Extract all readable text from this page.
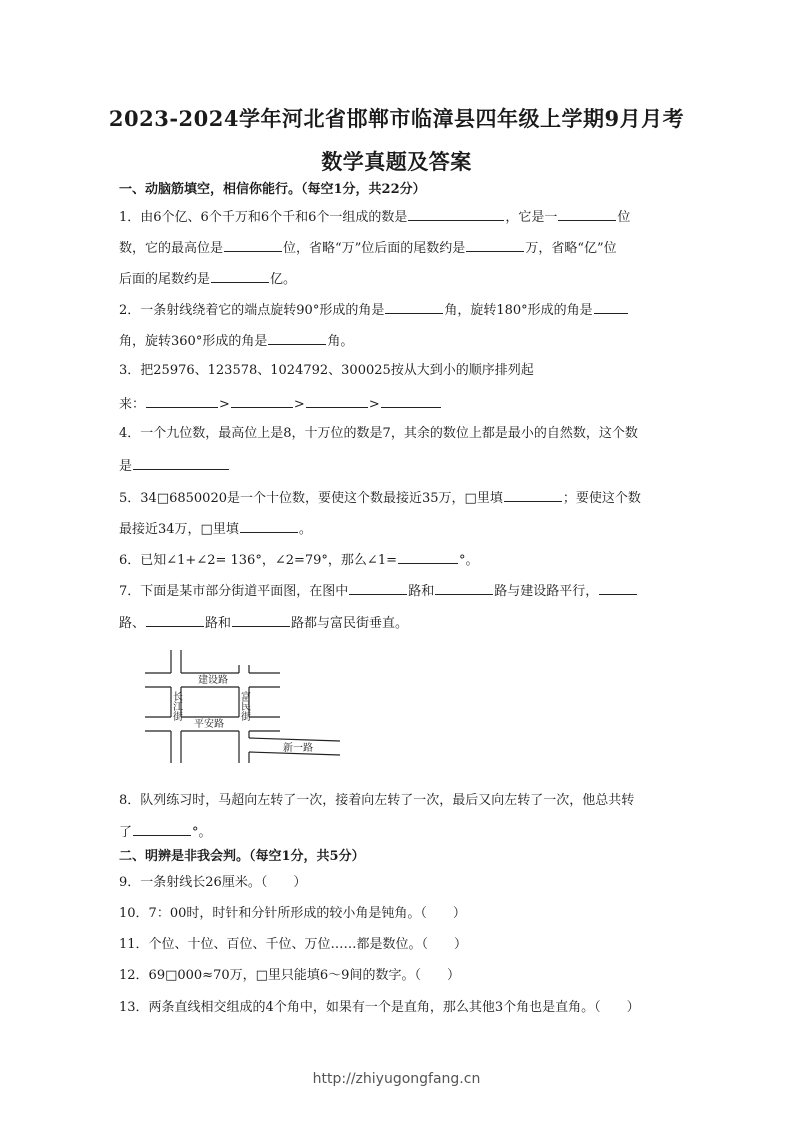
2023-2024学年河北省邯郸市临漳县四年级上学期9月月考
数学真题及答案
一、动脑筋填空，相信你能行。（每空1分，共22分）
1．由6个亿、6个千万和6个千和6个一组成的数是	，它是一	位
数，它的最高位是	位，省略“万”位后面的尾数约是	万，省略“亿”位
后面的尾数约是	亿。
2．一条射线绕着它的端点旋转90°形成的角是	角，旋转180°形成的角是
角，旋转360°形成的角是	角。
3．把25976、123578、1024792、300025按从大到小的顺序排列起
来：	>	>	>
4．一个九位数，最高位上是8，十万位的数是7，其余的数位上都是最小的自然数，这个数
是
5．34□6850020是一个十位数，要使这个数最接近35万，□里填	；要使这个数
最接近34万，□里填	。
6．已知∠1+∠2= 136°，∠2=79°，那么∠1=	°。
7．下面是某市部分街道平面图，在图中	路和	路与建设路平行，
路、	路和	路都与富民街垂直。
建设路
平安路
新一路
长江街	富民街
8．队列练习时，马超向左转了一次，接着向左转了一次，最后又向左转了一次，他总共转
了	°。
二、明辨是非我会判。（每空1分，共5分）
9．一条射线长26厘米。（　　）
10．7：00时，时针和分针所形成的较小角是钝角。（　　）
11．个位、十位、百位、千位、万位……都是数位。（　　）
12．69□000≈70万，□里只能填6～9间的数字。（　　）
13．两条直线相交组成的4个角中，如果有一个是直角，那么其他3个角也是直角。（　　）
http://zhiyugongfang.cn
